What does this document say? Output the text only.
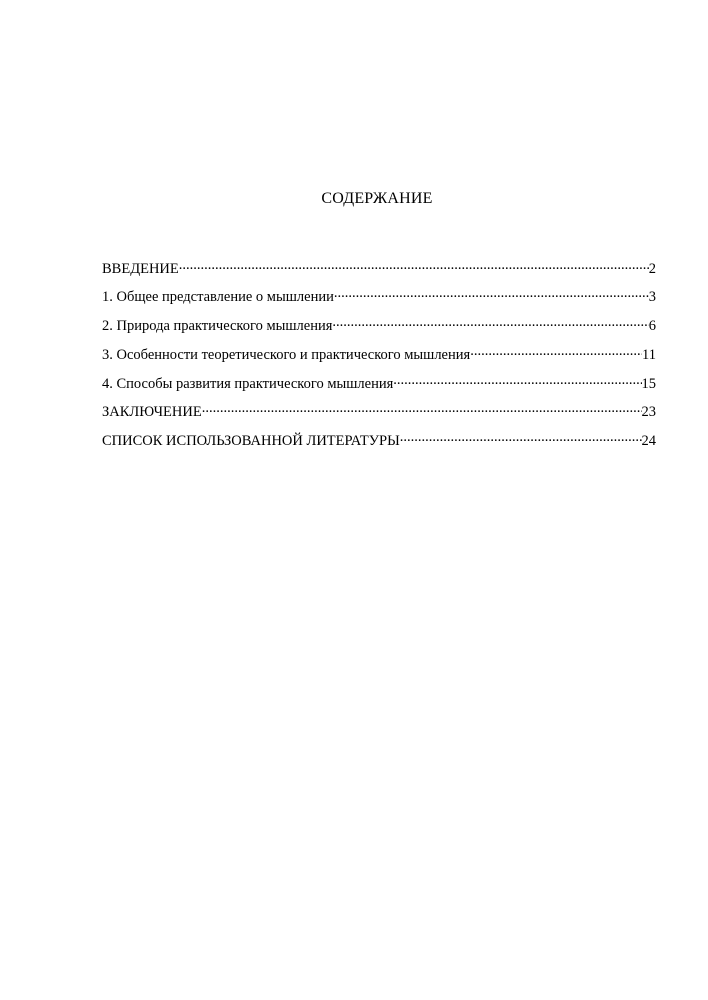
СОДЕРЖАНИЕ
ВВЕДЕНИЕ .....	2
1. Общее представление о мышлении .....	3
2. Природа практического мышления .....	6
3. Особенности теоретического и практического мышления .....	11
4. Способы развития практического мышления .....	15
ЗАКЛЮЧЕНИЕ .....	23
СПИСОК ИСПОЛЬЗОВАННОЙ ЛИТЕРАТУРЫ .....	24
